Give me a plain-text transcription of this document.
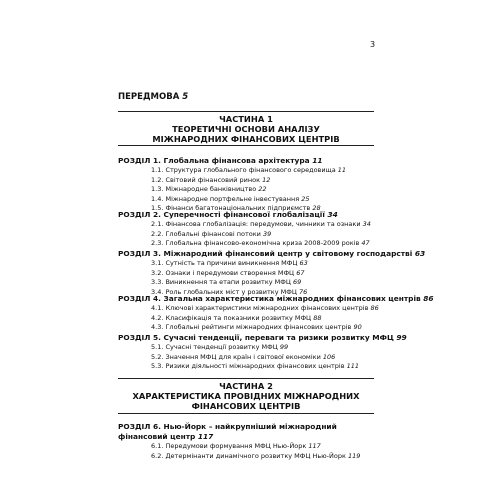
3
ПЕРЕДМОВА 5
ЧАСТИНА 1
ТЕОРЕТИЧНІ ОСНОВИ АНАЛІЗУ
МІЖНАРОДНИХ ФІНАНСОВИХ ЦЕНТРІВ
РОЗДІЛ 1. Глобальна фінансова архітектура 11
1.1. Структура глобального фінансового середовища 11
1.2. Світовий фінансовий ринок 12
1.3. Міжнародне банківництво 22
1.4. Міжнародне портфельне інвестування 25
1.5. Фінанси багатонаціональних підприємств 28
РОЗДІЛ 2. Суперечності фінансової глобалізації 34
2.1. Фінансова глобалізація: передумови, чинники та ознаки 34
2.2. Глобальні фінансові потоки 39
2.3. Глобальна фінансово-економічна криза 2008-2009 років 47
РОЗДІЛ 3. Міжнародний фінансовий центр у світовому господарстві 63
3.1. Сутність та причини виникнення МФЦ 63
3.2. Ознаки і передумови створення МФЦ 67
3.3. Виникнення та етапи розвитку МФЦ 69
3.4. Роль глобальних міст у розвитку МФЦ 76
РОЗДІЛ 4. Загальна характеристика міжнародних фінансових центрів 86
4.1. Ключові характеристики міжнародних фінансових центрів 86
4.2. Класифікація та показники розвитку МФЦ 88
4.3. Глобальні рейтинги міжнародних фінансових центрів 90
РОЗДІЛ 5. Сучасні тенденції, переваги та ризики розвитку МФЦ 99
5.1. Сучасні тенденції розвитку МФЦ 99
5.2. Значення МФЦ для країн і світової економіки 106
5.3. Ризики діяльності міжнародних фінансових центрів 111
ЧАСТИНА 2
ХАРАКТЕРИСТИКА ПРОВІДНИХ МІЖНАРОДНИХ
ФІНАНСОВИХ ЦЕНТРІВ
РОЗДІЛ 6. Нью-Йорк – найкрупніший міжнародний
фінансовий центр 117
6.1. Передумови формування МФЦ Нью-Йорк 117
6.2. Детермінанти динамічного розвитку МФЦ Нью-Йорк 119
